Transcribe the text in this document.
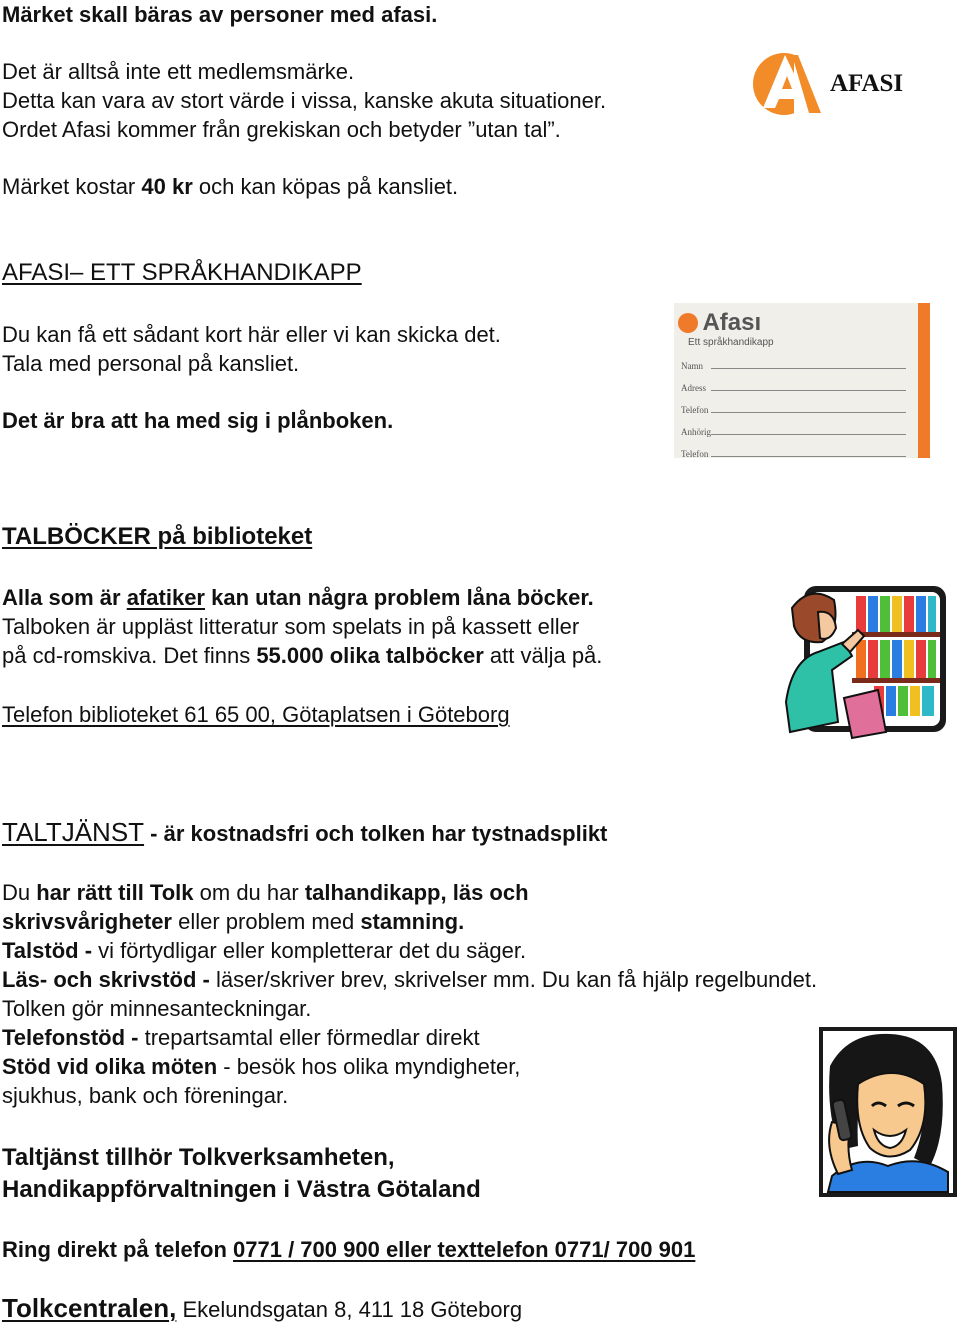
Märket skall bäras av personer med afasi.
Det är alltså inte ett medlemsmärke.
Detta kan vara av stort värde i vissa, kanske akuta situationer.
Ordet Afasi kommer från grekiskan och betyder ”utan tal”.
Märket kostar 40 kr och kan köpas på kansliet.
AFASI
AFASI– ETT SPRÅKHANDIKAPP
Du kan få ett sådant kort här eller vi kan skicka det.
Tala med personal på kansliet.
Det är bra att ha med sig i plånboken.
Afası
Ett språkhandikapp
Namn
Adress
Telefon
Anhörig
Telefon
TALBÖCKER på biblioteket
Alla som är afatiker kan utan några problem låna böcker.
Talboken är uppläst litteratur som spelats in på kassett eller
på cd-romskiva. Det finns 55.000 olika talböcker att välja på.
Telefon biblioteket 61 65 00, Götaplatsen i Göteborg
TALTJÄNST - är kostnadsfri och tolken har tystnadsplikt
Du har rätt till Tolk om du har talhandikapp, läs och
skrivsvårigheter eller problem med stamning.
Talstöd - vi förtydligar eller kompletterar det du säger.
Läs- och skrivstöd - läser/skriver brev, skrivelser mm. Du kan få hjälp regelbundet.
Tolken gör minnesanteckningar.
Telefonstöd - trepartsamtal eller förmedlar direkt
Stöd vid olika möten - besök hos olika myndigheter,
sjukhus, bank och föreningar.
Taltjänst tillhör Tolkverksamheten,
Handikappförvaltningen i Västra Götaland
Ring direkt på telefon 0771 / 700 900 eller texttelefon 0771/ 700 901
Tolkcentralen, Ekelundsgatan 8, 411 18 Göteborg
